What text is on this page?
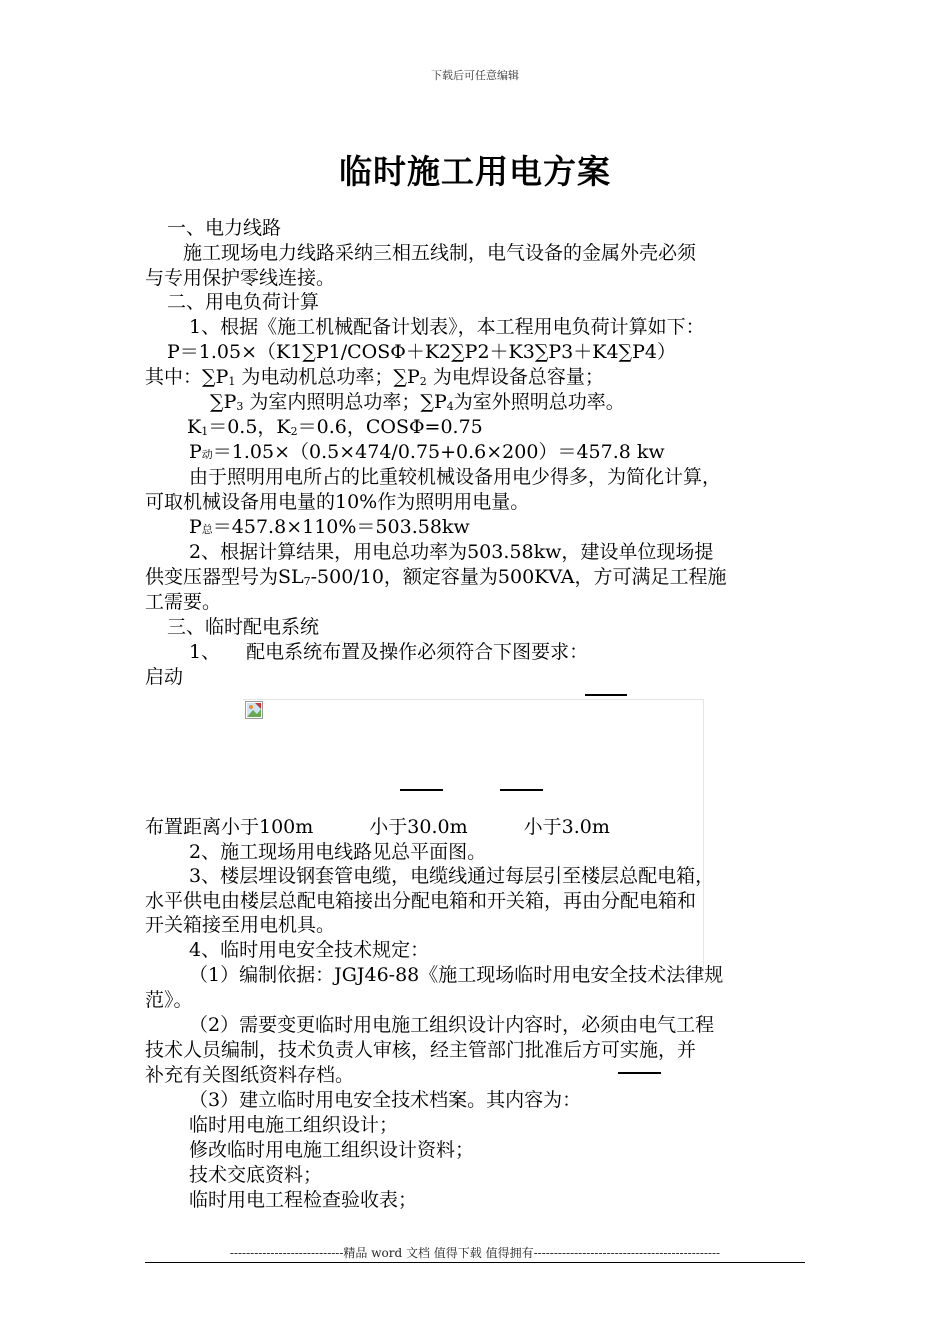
下载后可任意编辑
临时施工用电方案
一、电力线路
施工现场电力线路采纳三相五线制，电气设备的金属外壳必须
与专用保护零线连接。
二、用电负荷计算
1、根据《施工机械配备计划表》，本工程用电负荷计算如下：
P＝1.05×（K1∑P1/COSΦ＋K2∑P2＋K3∑P3＋K4∑P4）
其中：$\sum P_1$ 为电动机总功率；$\sum P_2$ 为电焊设备总容量；
$\sum P_3$ 为室内照明总功率；$\sum P_4$为室外照明总功率。
$K_1=0.5$，$K_2=0.6$，COSΦ=0.75
P动＝1.05×（0.5×474/0.75+0.6×200）＝457.8 kw
由于照明用电所占的比重较机械设备用电少得多，为简化计算，
可取机械设备用电量的10%作为照明用电量。
P总＝457.8×110%＝503.58kw
2、根据计算结果，用电总功率为503.58kw，建设单位现场提
供变压器型号为$SL_7-500/10$，额定容量为500KVA，方可满足工程施
工需要。
三、临时配电系统
1、 配电系统布置及操作必须符合下图要求：
启动
布置距离小于100m	小于30.0m	小于3.0m
2、施工现场用电线路见总平面图。
3、楼层埋设钢套管电缆，电缆线通过每层引至楼层总配电箱，
水平供电由楼层总配电箱接出分配电箱和开关箱，再由分配电箱和
开关箱接至用电机具。
4、临时用电安全技术规定：
（1）编制依据：JGJ46-88《施工现场临时用电安全技术法律规
范》。
（2）需要变更临时用电施工组织设计内容时，必须由电气工程
技术人员编制，技术负责人审核，经主管部门批准后方可实施，并
补充有关图纸资料存档。
（3）建立临时用电安全技术档案。其内容为：
临时用电施工组织设计；
修改临时用电施工组织设计资料；
技术交底资料；
临时用电工程检查验收表；
----------------------------精品 word 文档 值得下载 值得拥有----------------------------------------------
